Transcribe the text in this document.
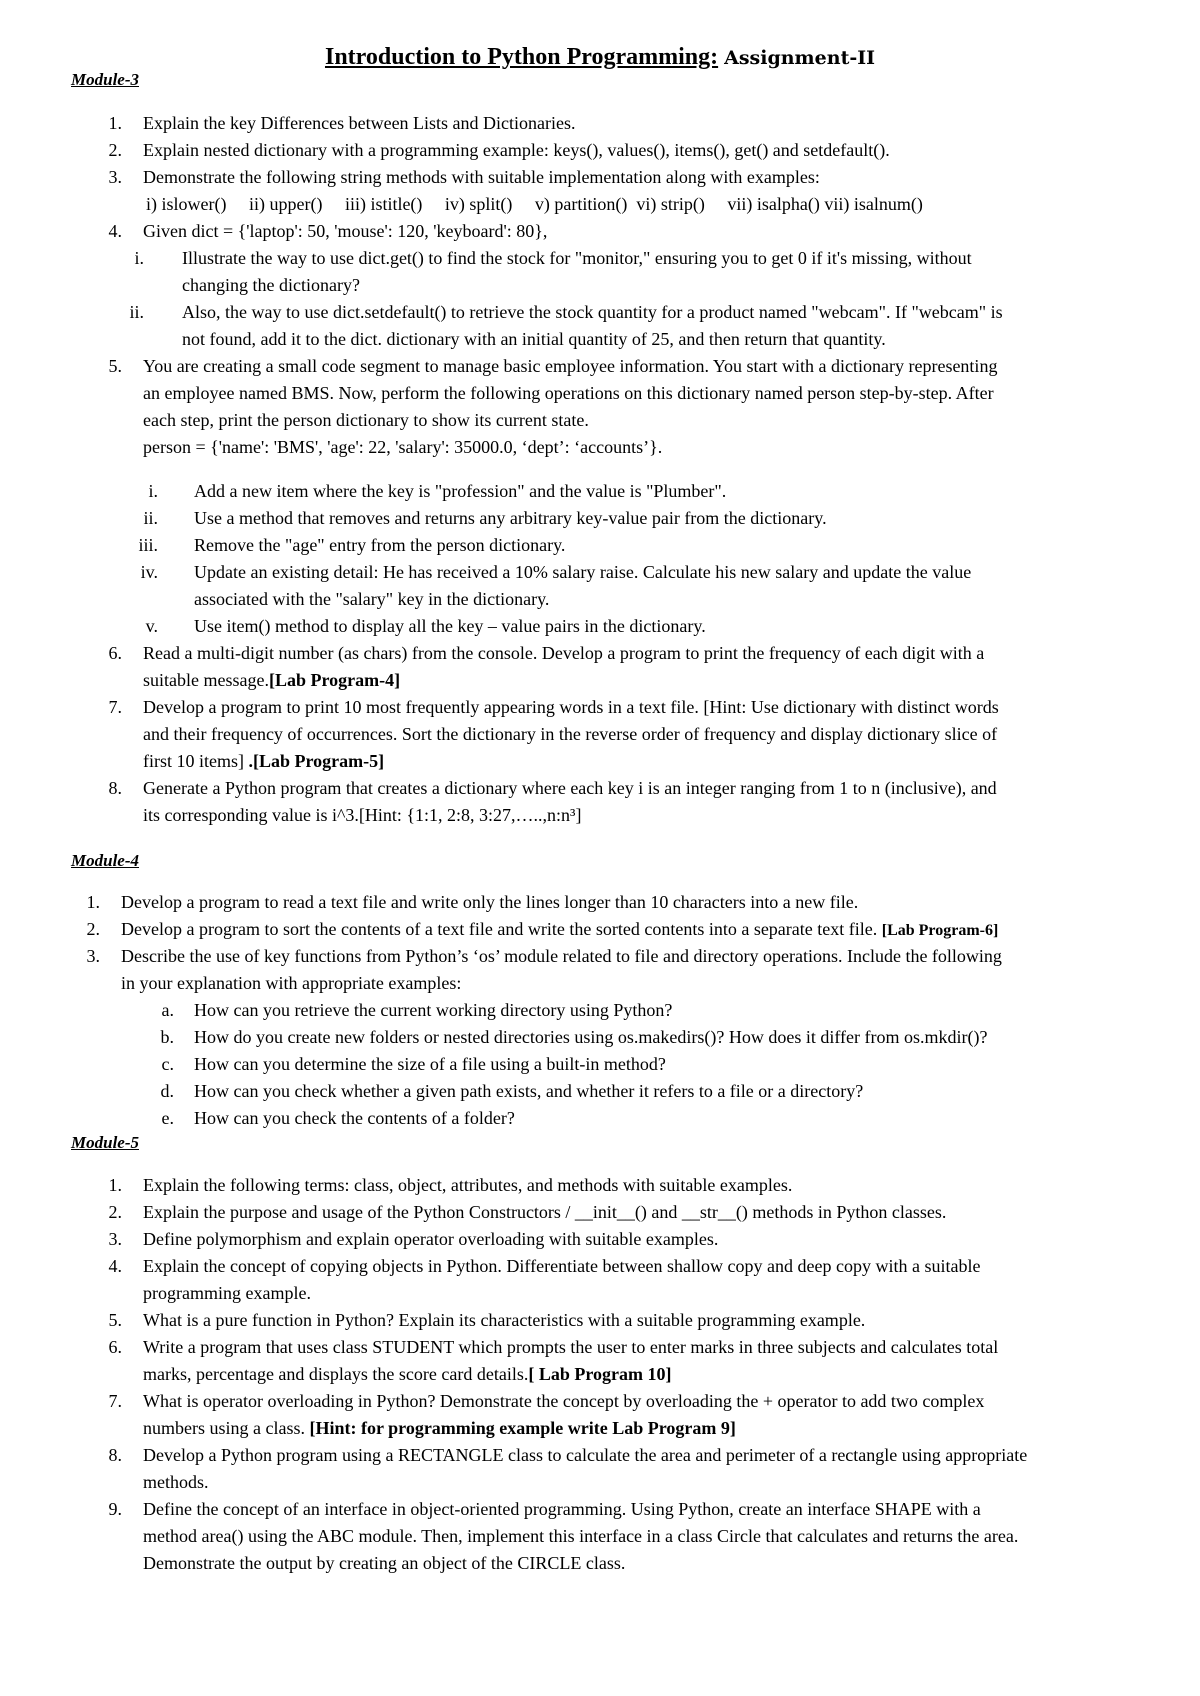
Introduction to Python Programming: Assignment-II
Module-3
1. Explain the key Differences between Lists and Dictionaries.
2. Explain nested dictionary with a programming example: keys(), values(), items(), get() and setdefault().
3. Demonstrate the following string methods with suitable implementation along with examples:
i) islower()     ii) upper()     iii) istitle()     iv) split()     v) partition()  vi) strip()     vii) isalpha() vii) isalnum()
4. Given dict = {'laptop': 50, 'mouse': 120, 'keyboard': 80},
i. Illustrate the way to use dict.get() to find the stock for "monitor," ensuring you to get 0 if it's missing, without
changing the dictionary?
ii. Also, the way to use dict.setdefault() to retrieve the stock quantity for a product named "webcam". If "webcam" is
not found, add it to the dict. dictionary with an initial quantity of 25, and then return that quantity.
5. You are creating a small code segment to manage basic employee information. You start with a dictionary representing
an employee named BMS. Now, perform the following operations on this dictionary named person step-by-step. After
each step, print the person dictionary to show its current state.
person = {'name': 'BMS', 'age': 22, 'salary': 35000.0, ‘dept’: ‘accounts’}.
i. Add a new item where the key is "profession" and the value is "Plumber".
ii. Use a method that removes and returns any arbitrary key-value pair from the dictionary.
iii. Remove the "age" entry from the person dictionary.
iv. Update an existing detail: He has received a 10% salary raise. Calculate his new salary and update the value
associated with the "salary" key in the dictionary.
v. Use item() method to display all the key – value pairs in the dictionary.
6. Read a multi-digit number (as chars) from the console. Develop a program to print the frequency of each digit with a
suitable message.[Lab Program-4]
7. Develop a program to print 10 most frequently appearing words in a text file. [Hint: Use dictionary with distinct words
and their frequency of occurrences. Sort the dictionary in the reverse order of frequency and display dictionary slice of
first 10 items] .[Lab Program-5]
8. Generate a Python program that creates a dictionary where each key i is an integer ranging from 1 to n (inclusive), and
its corresponding value is i^3.[Hint: {1:1, 2:8, 3:27,…..,n:n³]
Module-4
1. Develop a program to read a text file and write only the lines longer than 10 characters into a new file.
2. Develop a program to sort the contents of a text file and write the sorted contents into a separate text file. [Lab Program-6]
3. Describe the use of key functions from Python’s ‘os’ module related to file and directory operations. Include the following
in your explanation with appropriate examples:
a. How can you retrieve the current working directory using Python?
b. How do you create new folders or nested directories using os.makedirs()? How does it differ from os.mkdir()?
c. How can you determine the size of a file using a built-in method?
d. How can you check whether a given path exists, and whether it refers to a file or a directory?
e. How can you check the contents of a folder?
Module-5
1. Explain the following terms: class, object, attributes, and methods with suitable examples.
2. Explain the purpose and usage of the Python Constructors / __init__() and __str__() methods in Python classes.
3. Define polymorphism and explain operator overloading with suitable examples.
4. Explain the concept of copying objects in Python. Differentiate between shallow copy and deep copy with a suitable
programming example.
5. What is a pure function in Python? Explain its characteristics with a suitable programming example.
6. Write a program that uses class STUDENT which prompts the user to enter marks in three subjects and calculates total
marks, percentage and displays the score card details.[ Lab Program 10]
7. What is operator overloading in Python? Demonstrate the concept by overloading the + operator to add two complex
numbers using a class. [Hint: for programming example write Lab Program 9]
8. Develop a Python program using a RECTANGLE class to calculate the area and perimeter of a rectangle using appropriate
methods.
9. Define the concept of an interface in object-oriented programming. Using Python, create an interface SHAPE with a
method area() using the ABC module. Then, implement this interface in a class Circle that calculates and returns the area.
Demonstrate the output by creating an object of the CIRCLE class.
